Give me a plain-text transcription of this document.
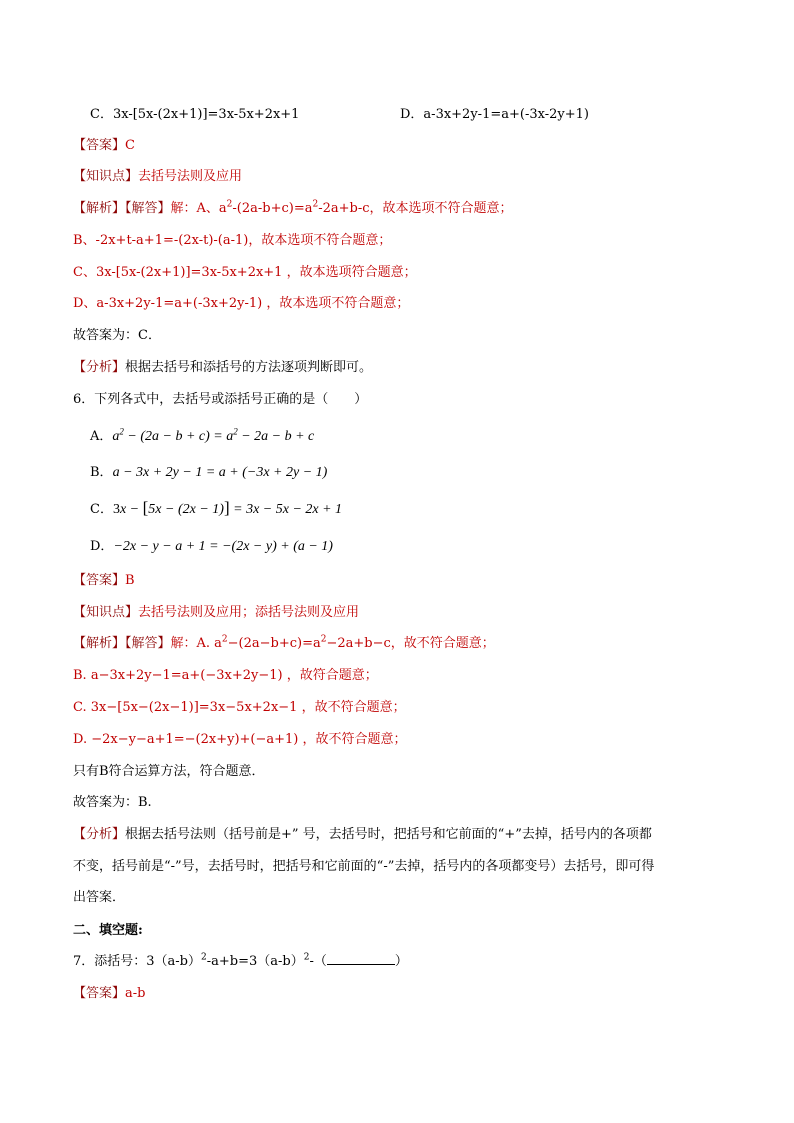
C．3x-[5x-(2x+1)]=3x-5x+2x+1	D．a-3x+2y-1=a+(-3x-2y+1)
【答案】C
【知识点】去括号法则及应用
【解析】【解答】解：A、$a^2-(2a-b+c)=a^2-2a+b-c$，故本选项不符合题意；
B、-2x+t-a+1=-(2x-t)-(a-1)，故本选项不符合题意；
C、3x-[5x-(2x+1)]=3x-5x+2x+1 ，故本选项符合题意；
D、a-3x+2y-1=a+(-3x+2y-1) ，故本选项不符合题意；
故答案为：C．
【分析】根据去括号和添括号的方法逐项判断即可。
6．下列各式中，去括号或添括号正确的是（　　）
A．$a^2 - (2a - b + c) = a^2 - 2a - b + c$
B．a − 3x + 2y − 1 = a + (−3x + 2y − 1)
C．3x − [5x − (2x − 1)] = 3x − 5x − 2x + 1
D．−2x − y − a + 1 = −(2x − y) + (a − 1)
【答案】B
【知识点】去括号法则及应用；添括号法则及应用
【解析】【解答】解：A. $a^2-(2a-b+c)=a^2-2a+b-c$，故不符合题意；
B. a−3x+2y−1=a+(−3x+2y−1) ，故符合题意；
C. 3x−[5x−(2x−1)]=3x−5x+2x−1 ，故不符合题意；
D. −2x−y−a+1=−(2x+y)+(−a+1) ，故不符合题意；
只有B符合运算方法，符合题意．
故答案为：B.
【分析】根据去括号法则（括号前是+” 号，去括号时，把括号和它前面的“+”去掉，括号内的各项都
不变，括号前是“-”号，去括号时，把括号和它前面的“-”去掉，括号内的各项都变号）去括号，即可得
出答案．
二、填空题:
7．添括号：$3(a-b)^2-a+b=3(a-b)^2-$（	）
【答案】a-b
